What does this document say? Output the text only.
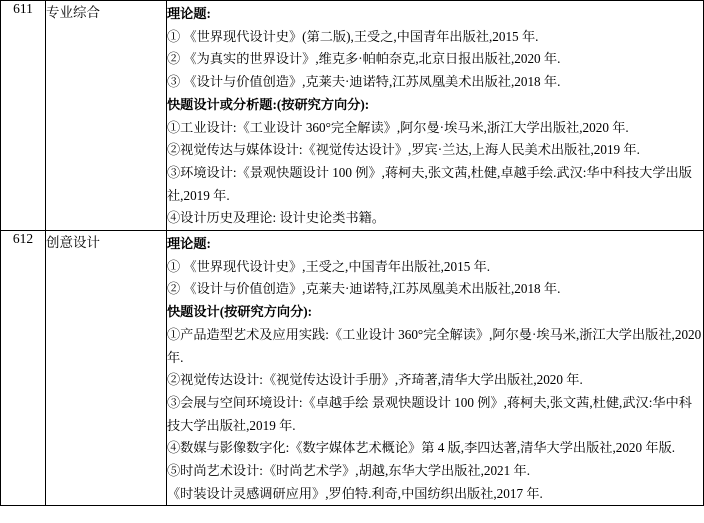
611	专业综合	理论题:
① 《世界现代设计史》(第二版),王受之,中国青年出版社,2015 年.
② 《为真实的世界设计》,维克多·帕帕奈克,北京日报出版社,2020 年.
③ 《设计与价值创造》,克莱夫·迪诺特,江苏凤凰美术出版社,2018 年.
快题设计或分析题:(按研究方向分):
①工业设计:《工业设计 360°完全解读》,阿尔曼·埃马米,浙江大学出版社,2020 年.
②视觉传达与媒体设计:《视觉传达设计》,罗宾·兰达,上海人民美术出版社,2019 年.
③环境设计:《景观快题设计 100 例》,蒋柯夫,张文茜,杜健,卓越手绘.武汉:华中科技大学出版社,2019 年.
④设计历史及理论: 设计史论类书籍。

612	创意设计	理论题:
① 《世界现代设计史》,王受之,中国青年出版社,2015 年.
② 《设计与价值创造》,克莱夫·迪诺特,江苏凤凰美术出版社,2018 年.
快题设计(按研究方向分):
①产品造型艺术及应用实践:《工业设计 360°完全解读》,阿尔曼·埃马米,浙江大学出版社,2020 年.
②视觉传达设计:《视觉传达设计手册》,齐琦著,清华大学出版社,2020 年.
③会展与空间环境设计:《卓越手绘 景观快题设计 100 例》,蒋柯夫,张文茜,杜健,武汉:华中科技大学出版社,2019 年.
④数媒与影像数字化:《数字媒体艺术概论》第 4 版,李四达著,清华大学出版社,2020 年版.
⑤时尚艺术设计:《时尚艺术学》,胡越,东华大学出版社,2021 年.
《时装设计灵感调研应用》,罗伯特.利奇,中国纺织出版社,2017 年.
